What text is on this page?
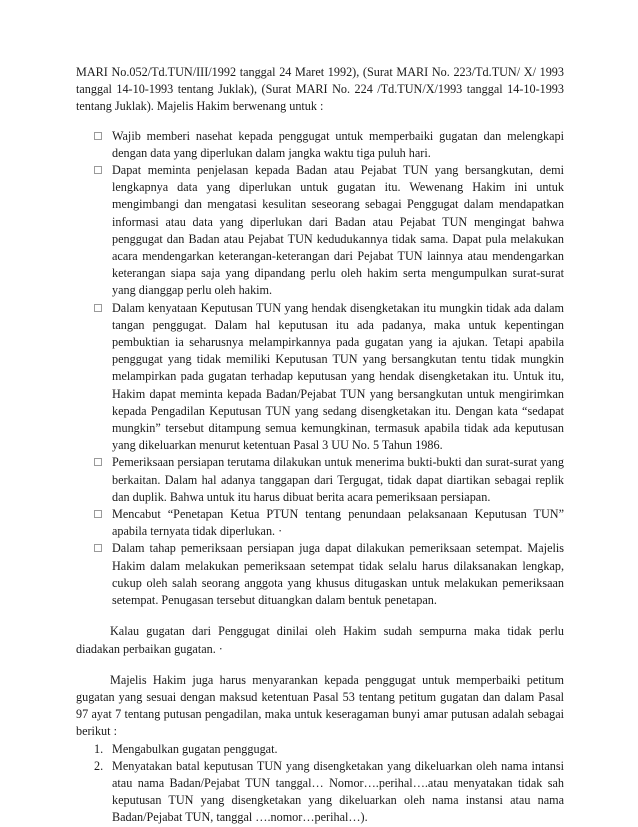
MARI No.052/Td.TUN/III/1992 tanggal 24 Maret 1992), (Surat MARI No. 223/Td.TUN/ X/ 1993 tanggal 14-10-1993 tentang Juklak), (Surat MARI No. 224 /Td.TUN/X/1993 tanggal 14-10-1993 tentang Juklak). Majelis Hakim berwenang untuk :

Wajib memberi nasehat kepada penggugat untuk memperbaiki gugatan dan melengkapi dengan data yang diperlukan dalam jangka waktu tiga puluh hari.
Dapat meminta penjelasan kepada Badan atau Pejabat TUN yang bersangkutan, demi lengkapnya data yang diperlukan untuk gugatan itu. Wewenang Hakim ini untuk mengimbangi dan mengatasi kesulitan seseorang sebagai Penggugat dalam mendapatkan informasi atau data yang diperlukan dari Badan atau Pejabat TUN mengingat bahwa penggugat dan Badan atau Pejabat TUN kedudukannya tidak sama. Dapat pula melakukan acara mendengarkan keterangan-keterangan dari Pejabat TUN lainnya atau mendengarkan keterangan siapa saja yang dipandang perlu oleh hakim serta mengumpulkan surat-surat yang dianggap perlu oleh hakim.
Dalam kenyataan Keputusan TUN yang hendak disengketakan itu mungkin tidak ada dalam tangan penggugat. Dalam hal keputusan itu ada padanya, maka untuk kepentingan pembuktian ia seharusnya melampirkannya pada gugatan yang ia ajukan. Tetapi apabila penggugat yang tidak memiliki Keputusan TUN yang bersangkutan tentu tidak mungkin melampirkan pada gugatan terhadap keputusan yang hendak disengketakan itu. Untuk itu, Hakim dapat meminta kepada Badan/Pejabat TUN yang bersangkutan untuk mengirimkan kepada Pengadilan Keputusan TUN yang sedang disengketakan itu. Dengan kata “sedapat mungkin” tersebut ditampung semua kemungkinan, termasuk apabila tidak ada keputusan yang dikeluarkan menurut ketentuan Pasal 3 UU No. 5 Tahun 1986.
Pemeriksaan persiapan terutama dilakukan untuk menerima bukti-bukti dan surat-surat yang berkaitan. Dalam hal adanya tanggapan dari Tergugat, tidak dapat diartikan sebagai replik dan duplik. Bahwa untuk itu harus dibuat berita acara pemeriksaan persiapan.
Mencabut “Penetapan Ketua PTUN tentang penundaan pelaksanaan Keputusan TUN” apabila ternyata tidak diperlukan. ·
Dalam tahap pemeriksaan persiapan juga dapat dilakukan pemeriksaan setempat. Majelis Hakim dalam melakukan pemeriksaan setempat tidak selalu harus dilaksanakan lengkap, cukup oleh salah seorang anggota yang khusus ditugaskan untuk melakukan pemeriksaan setempat. Penugasan tersebut dituangkan dalam bentuk penetapan.

Kalau gugatan dari Penggugat dinilai oleh Hakim sudah sempurna maka tidak perlu diadakan perbaikan gugatan. ·

Majelis Hakim juga harus menyarankan kepada penggugat untuk memperbaiki petitum gugatan yang sesuai dengan maksud ketentuan Pasal 53 tentang petitum gugatan dan dalam Pasal 97 ayat 7 tentang putusan pengadilan, maka untuk keseragaman bunyi amar putusan adalah sebagai berikut :

1. Mengabulkan gugatan penggugat.
2. Menyatakan batal keputusan TUN yang disengketakan yang dikeluarkan oleh nama intansi atau nama Badan/Pejabat TUN tanggal… Nomor….perihal….atau menyatakan tidak sah keputusan TUN yang disengketakan yang dikeluarkan oleh nama instansi atau nama Badan/Pejabat TUN, tanggal ….nomor…perihal…).
